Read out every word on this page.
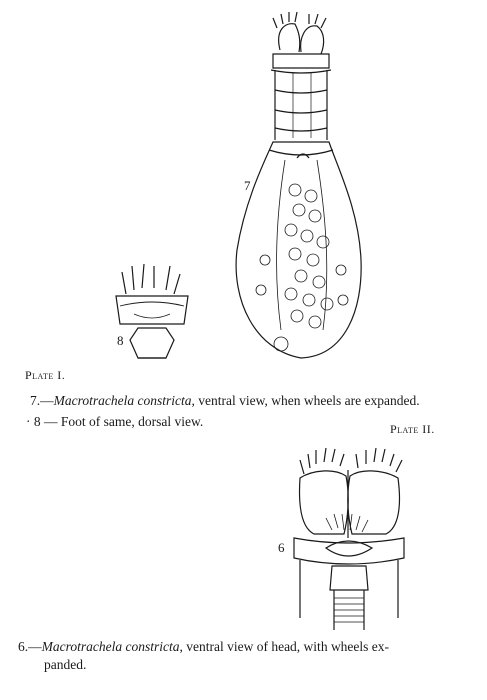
7
8
Plate I.
7.—Macrotrachela constricta, ventral view, when wheels are expanded.
· 8 — Foot of same, dorsal view.	Plate II.
6
6.—Macrotrachela constricta, ventral view of head, with wheels ex-
panded.
